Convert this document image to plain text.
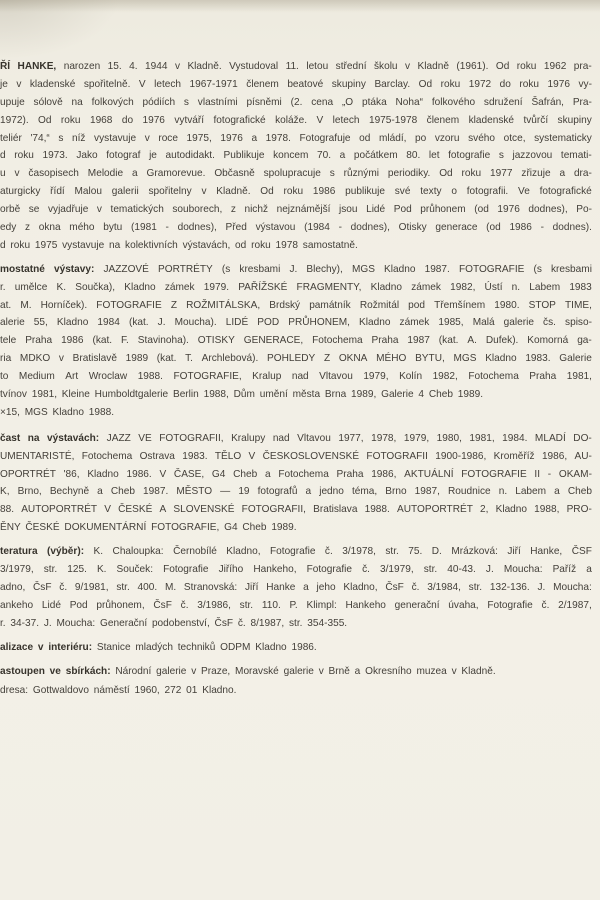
ŘÍ HANKE, narozen 15. 4. 1944 v Kladně. Vystudoval 11. letou střední školu v Kladně (1961). Od roku 1962 pra-
je v kladenské spořitelně. V letech 1967-1971 členem beatové skupiny Barclay. Od roku 1972 do roku 1976 vy-
upuje sólově na folkových pódiích s vlastními písněmi (2. cena „O ptáka Noha“ folkového sdružení Šafrán, Pra-
1972). Od roku 1968 do 1976 vytváří fotografické koláže. V letech 1975-1978 členem kladenské tvůrčí skupiny
teliér '74,“ s níž vystavuje v roce 1975, 1976 a 1978. Fotografuje od mládí, po vzoru svého otce, systematicky
d roku 1973. Jako fotograf je autodidakt. Publikuje koncem 70. a počátkem 80. let fotografie s jazzovou temati-
u v časopisech Melodie a Gramorevue. Občasně spolupracuje s různými periodiky. Od roku 1977 zřizuje a dra-
aturgicky řídí Malou galerii spořitelny v Kladně. Od roku 1986 publikuje své texty o fotografii. Ve fotografické
orbě se vyjadřuje v tematických souborech, z nichž nejznámější jsou Lidé Pod průhonem (od 1976 dodnes), Po-
edy z okna mého bytu (1981 - dodnes), Před výstavou (1984 - dodnes), Otisky generace (od 1986 - dodnes).
d roku 1975 vystavuje na kolektivních výstavách, od roku 1978 samostatně.
mostatné výstavy: JAZZOVÉ PORTRÉTY (s kresbami J. Blechy), MGS Kladno 1987. FOTOGRAFIE (s kresbami
r. umělce K. Součka), Kladno zámek 1979. PAŘÍŽSKÉ FRAGMENTY, Kladno zámek 1982, Ústí n. Labem 1983
at. M. Horníček). FOTOGRAFIE Z ROŽMITÁLSKA, Brdský památník Rožmitál pod Třemšínem 1980. STOP TIME,
alerie 55, Kladno 1984 (kat. J. Moucha). LIDÉ POD PRŮHONEM, Kladno zámek 1985, Malá galerie čs. spiso-
tele Praha 1986 (kat. F. Stavinoha). OTISKY GENERACE, Fotochema Praha 1987 (kat. A. Dufek). Komorná ga-
ria MDKO v Bratislavě 1989 (kat. T. Archlebová). POHLEDY Z OKNA MÉHO BYTU, MGS Kladno 1983. Galerie
to Medium Art Wroclaw 1988. FOTOGRAFIE, Kralup nad Vltavou 1979, Kolín 1982, Fotochema Praha 1981,
tvínov 1981, Kleine Humboldtgalerie Berlin 1988, Dům umění města Brna 1989, Galerie 4 Cheb 1989.
×15, MGS Kladno 1988.
čast na výstavách: JAZZ VE FOTOGRAFII, Kralupy nad Vltavou 1977, 1978, 1979, 1980, 1981, 1984. MLADÍ DO-
UMENTARISTÉ, Fotochema Ostrava 1983. TĚLO V ČESKOSLOVENSKÉ FOTOGRAFII 1900-1986, Kroměříž 1986, AU-
OPORTRÉT '86, Kladno 1986. V ČASE, G4 Cheb a Fotochema Praha 1986, AKTUÁLNÍ FOTOGRAFIE II - OKAM-
K, Brno, Bechyně a Cheb 1987. MĚSTO — 19 fotografů a jedno téma, Brno 1987, Roudnice n. Labem a Cheb
88. AUTOPORTRÉT V ČESKÉ A SLOVENSKÉ FOTOGRAFII, Bratislava 1988. AUTOPORTRÉT 2, Kladno 1988, PRO-
ĚNY ČESKÉ DOKUMENTÁRNÍ FOTOGRAFIE, G4 Cheb 1989.
teratura (výběr): K. Chaloupka: Černobílé Kladno, Fotografie č. 3/1978, str. 75. D. Mrázková: Jiří Hanke, ČSF
3/1979, str. 125. K. Souček: Fotografie Jiřího Hankeho, Fotografie č. 3/1979, str. 40-43. J. Moucha: Paříž a
adno, ČsF č. 9/1981, str. 400. M. Stranovská: Jiří Hanke a jeho Kladno, ČsF č. 3/1984, str. 132-136. J. Moucha:
ankeho Lidé Pod průhonem, ČsF č. 3/1986, str. 110. P. Klimpl: Hankeho generační úvaha, Fotografie č. 2/1987,
r. 34-37. J. Moucha: Generační podobenství, ČsF č. 8/1987, str. 354-355.
alizace v interiéru: Stanice mladých techniků ODPM Kladno 1986.
astoupen ve sbírkách: Národní galerie v Praze, Moravské galerie v Brně a Okresního muzea v Kladně.
dresa: Gottwaldovo náměstí 1960, 272 01 Kladno.
